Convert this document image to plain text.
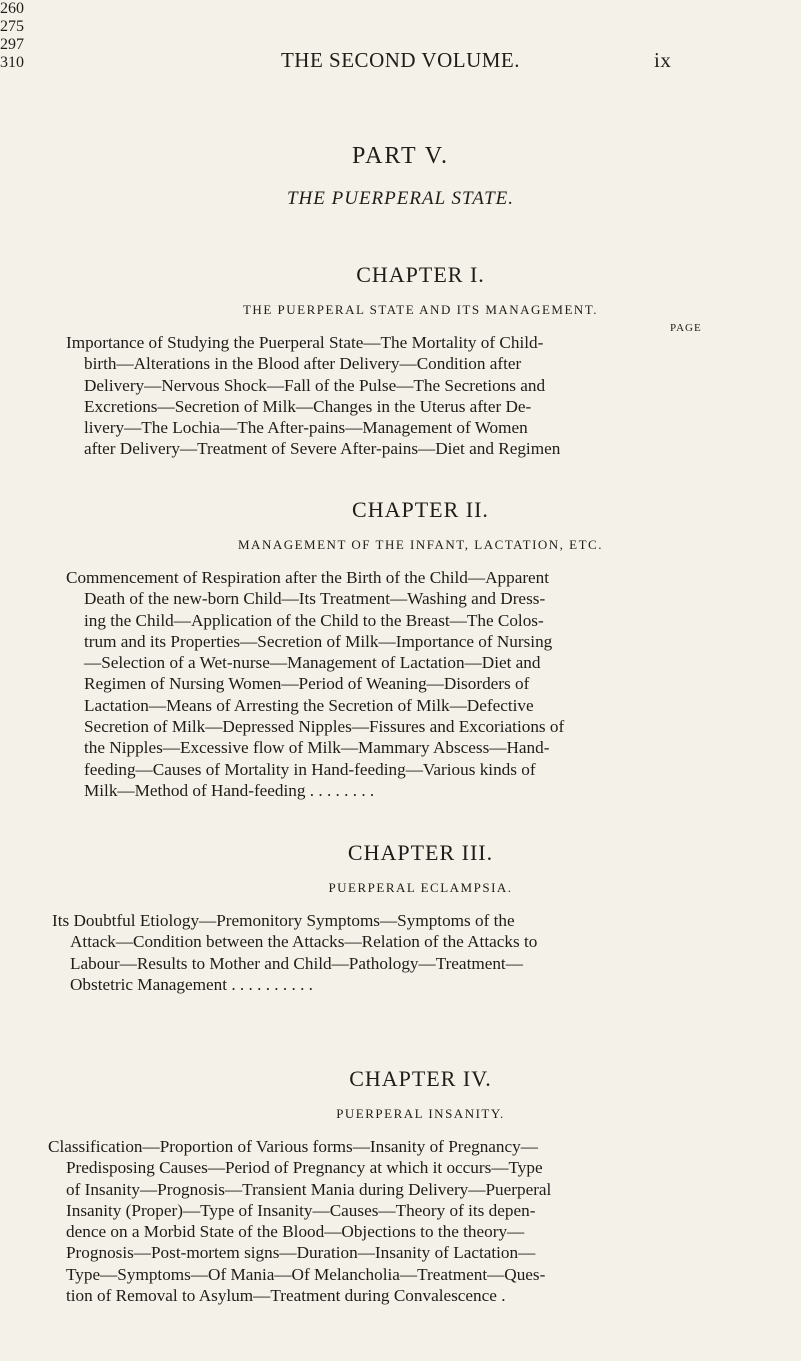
THE SECOND VOLUME.	ix
PART V.
THE PUERPERAL STATE.
CHAPTER I.
THE PUERPERAL STATE AND ITS MANAGEMENT.
Importance of Studying the Puerperal State—The Mortality of Child-
birth—Alterations in the Blood after Delivery—Condition after
Delivery—Nervous Shock—Fall of the Pulse—The Secretions and
Excretions—Secretion of Milk—Changes in the Uterus after De-
livery—The Lochia—The After-pains—Management of Women
after Delivery—Treatment of Severe After-pains—Diet and Regimen
PAGE
260
CHAPTER II.
MANAGEMENT OF THE INFANT, LACTATION, ETC.
Commencement of Respiration after the Birth of the Child—Apparent
Death of the new-born Child—Its Treatment—Washing and Dress-
ing the Child—Application of the Child to the Breast—The Colos-
trum and its Properties—Secretion of Milk—Importance of Nursing
—Selection of a Wet-nurse—Management of Lactation—Diet and
Regimen of Nursing Women—Period of Weaning—Disorders of
Lactation—Means of Arresting the Secretion of Milk—Defective
Secretion of Milk—Depressed Nipples—Fissures and Excoriations of
the Nipples—Excessive flow of Milk—Mammary Abscess—Hand-
feeding—Causes of Mortality in Hand-feeding—Various kinds of
Milk—Method of Hand-feeding . . . . . . . .
275
CHAPTER III.
PUERPERAL ECLAMPSIA.
Its Doubtful Etiology—Premonitory Symptoms—Symptoms of the
Attack—Condition between the Attacks—Relation of the Attacks to
Labour—Results to Mother and Child—Pathology—Treatment—
Obstetric Management . . . . . . . . . .
297
CHAPTER IV.
PUERPERAL INSANITY.
Classification—Proportion of Various forms—Insanity of Pregnancy—
Predisposing Causes—Period of Pregnancy at which it occurs—Type
of Insanity—Prognosis—Transient Mania during Delivery—Puerperal
Insanity (Proper)—Type of Insanity—Causes—Theory of its depen-
dence on a Morbid State of the Blood—Objections to the theory—
Prognosis—Post-mortem signs—Duration—Insanity of Lactation—
Type—Symptoms—Of Mania—Of Melancholia—Treatment—Ques-
tion of Removal to Asylum—Treatment during Convalescence .
310
